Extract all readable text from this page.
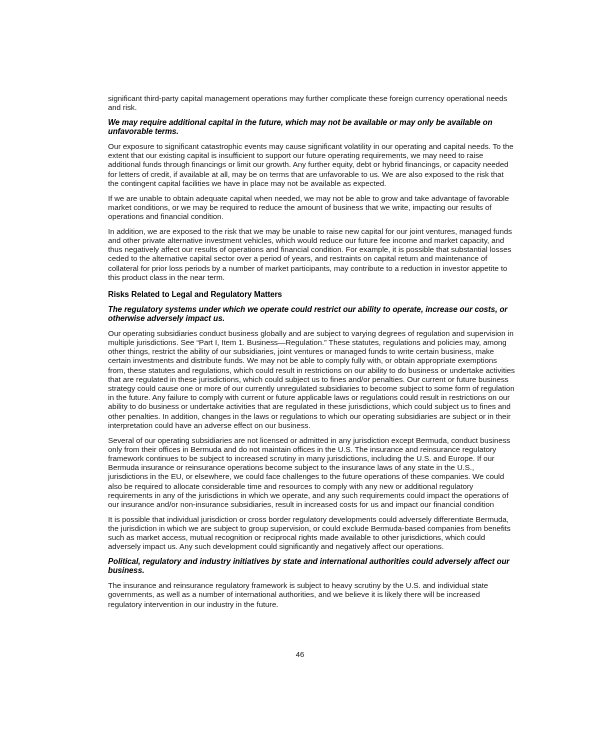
significant third-party capital management operations may further complicate these foreign currency operational needs and risk.

We may require additional capital in the future, which may not be available or may only be available on unfavorable terms.

Our exposure to significant catastrophic events may cause significant volatility in our operating and capital needs. To the extent that our existing capital is insufficient to support our future operating requirements, we may need to raise additional funds through financings or limit our growth. Any further equity, debt or hybrid financings, or capacity needed for letters of credit, if available at all, may be on terms that are unfavorable to us. We are also exposed to the risk that the contingent capital facilities we have in place may not be available as expected.

If we are unable to obtain adequate capital when needed, we may not be able to grow and take advantage of favorable market conditions, or we may be required to reduce the amount of business that we write, impacting our results of operations and financial condition.

In addition, we are exposed to the risk that we may be unable to raise new capital for our joint ventures, managed funds and other private alternative investment vehicles, which would reduce our future fee income and market capacity, and thus negatively affect our results of operations and financial condition. For example, it is possible that substantial losses ceded to the alternative capital sector over a period of years, and restraints on capital return and maintenance of collateral for prior loss periods by a number of market participants, may contribute to a reduction in investor appetite to this product class in the near term.

Risks Related to Legal and Regulatory Matters

The regulatory systems under which we operate could restrict our ability to operate, increase our costs, or otherwise adversely impact us.

Our operating subsidiaries conduct business globally and are subject to varying degrees of regulation and supervision in multiple jurisdictions. See “Part I, Item 1. Business—Regulation.” These statutes, regulations and policies may, among other things, restrict the ability of our subsidiaries, joint ventures or managed funds to write certain business, make certain investments and distribute funds. We may not be able to comply fully with, or obtain appropriate exemptions from, these statutes and regulations, which could result in restrictions on our ability to do business or undertake activities that are regulated in these jurisdictions, which could subject us to fines and/or penalties. Our current or future business strategy could cause one or more of our currently unregulated subsidiaries to become subject to some form of regulation in the future. Any failure to comply with current or future applicable laws or regulations could result in restrictions on our ability to do business or undertake activities that are regulated in these jurisdictions, which could subject us to fines and other penalties. In addition, changes in the laws or regulations to which our operating subsidiaries are subject or in their interpretation could have an adverse effect on our business.

Several of our operating subsidiaries are not licensed or admitted in any jurisdiction except Bermuda, conduct business only from their offices in Bermuda and do not maintain offices in the U.S. The insurance and reinsurance regulatory framework continues to be subject to increased scrutiny in many jurisdictions, including the U.S. and Europe. If our Bermuda insurance or reinsurance operations become subject to the insurance laws of any state in the U.S., jurisdictions in the EU, or elsewhere, we could face challenges to the future operations of these companies. We could also be required to allocate considerable time and resources to comply with any new or additional regulatory requirements in any of the jurisdictions in which we operate, and any such requirements could impact the operations of our insurance and/or non-insurance subsidiaries, result in increased costs for us and impact our financial condition

It is possible that individual jurisdiction or cross border regulatory developments could adversely differentiate Bermuda, the jurisdiction in which we are subject to group supervision, or could exclude Bermuda-based companies from benefits such as market access, mutual recognition or reciprocal rights made available to other jurisdictions, which could adversely impact us. Any such development could significantly and negatively affect our operations.

Political, regulatory and industry initiatives by state and international authorities could adversely affect our business.

The insurance and reinsurance regulatory framework is subject to heavy scrutiny by the U.S. and individual state governments, as well as a number of international authorities, and we believe it is likely there will be increased regulatory intervention in our industry in the future.

46
